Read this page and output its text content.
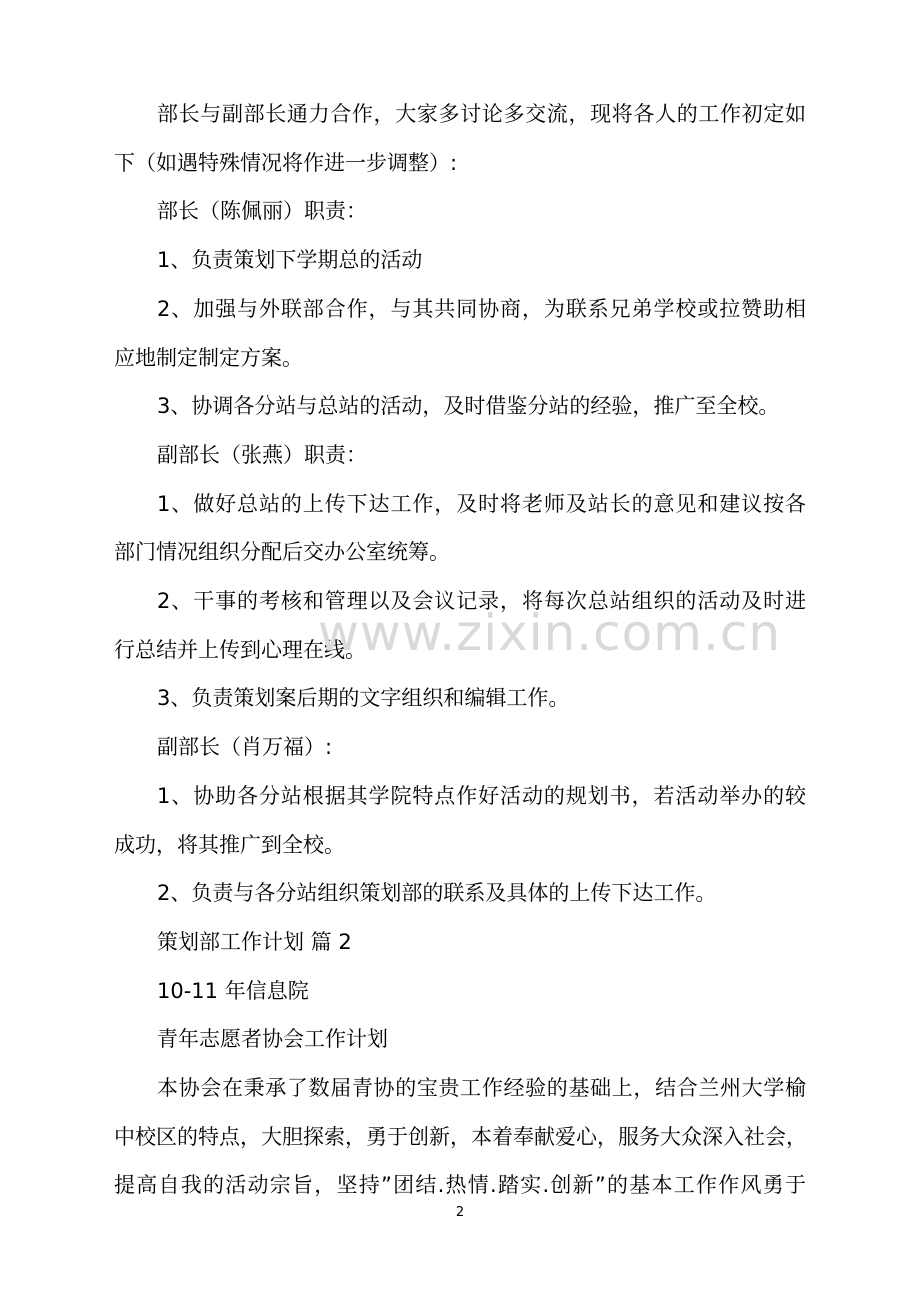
部长与副部长通力合作，大家多讨论多交流，现将各人的工作初定如

下（如遇特殊情况将作进一步调整）:

部长（陈佩丽）职责：

1、负责策划下学期总的活动

2、加强与外联部合作，与其共同协商，为联系兄弟学校或拉赞助相

应地制定制定方案。

3、协调各分站与总站的活动，及时借鉴分站的经验，推广至全校。

副部长（张燕）职责：

1、做好总站的上传下达工作，及时将老师及站长的意见和建议按各

部门情况组织分配后交办公室统筹。

2、干事的考核和管理以及会议记录，将每次总站组织的活动及时进

行总结并上传到心理在线。

3、负责策划案后期的文字组织和编辑工作。

副部长（肖万福）:

1、协助各分站根据其学院特点作好活动的规划书，若活动举办的较

成功，将其推广到全校。

2、负责与各分站组织策划部的联系及具体的上传下达工作。

策划部工作计划 篇 2

10-11 年信息院

青年志愿者协会工作计划

本协会在秉承了数届青协的宝贵工作经验的基础上，结合兰州大学榆

中校区的特点，大胆探索，勇于创新，本着奉献爱心，服务大众深入社会，

提高自我的活动宗旨，坚持”团结.热情.踏实.创新”的基本工作作风勇于

www.zixin.com.cn
2
